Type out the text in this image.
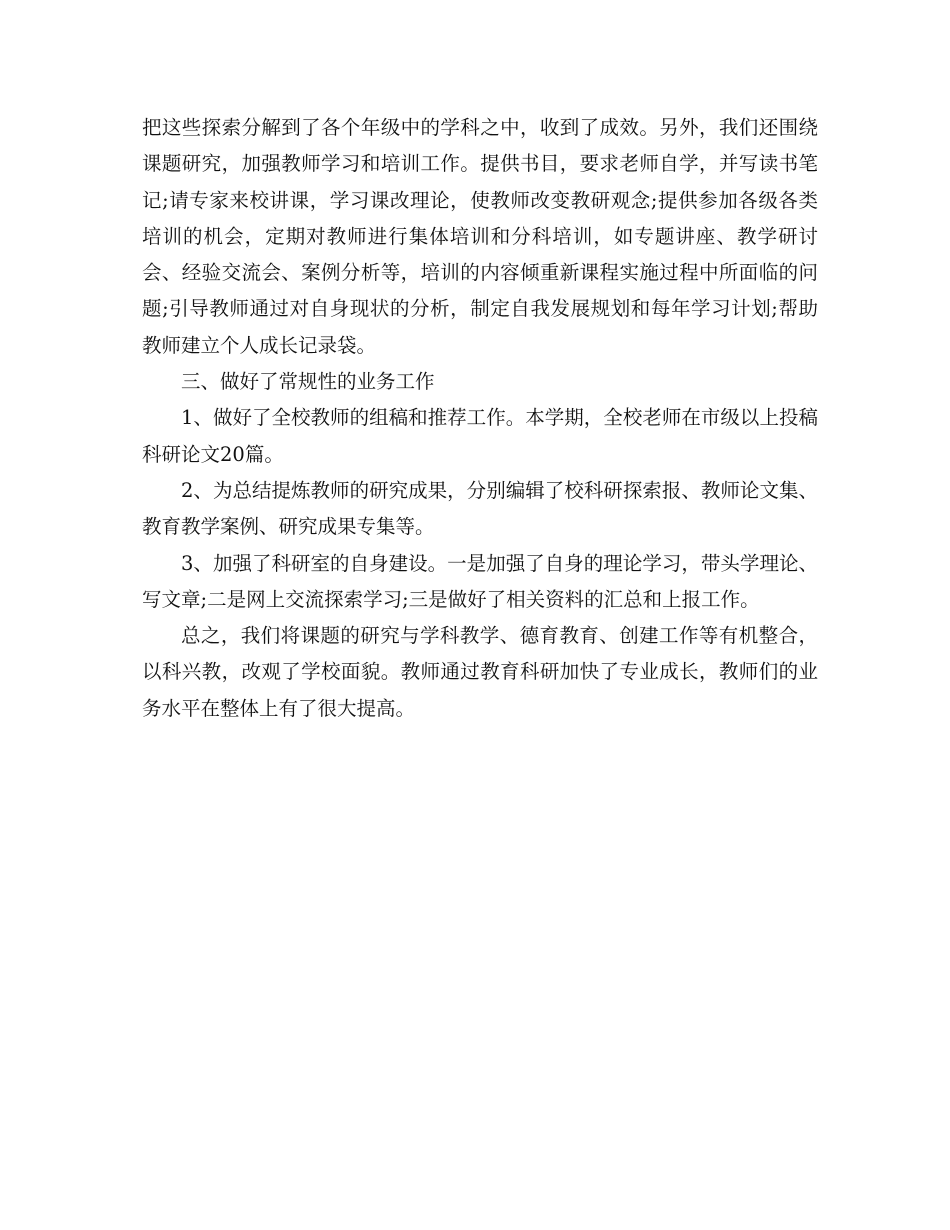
把这些探索分解到了各个年级中的学科之中，收到了成效。另外，我们还围绕课题研究，加强教师学习和培训工作。提供书目，要求老师自学，并写读书笔记;请专家来校讲课，学习课改理论，使教师改变教研观念;提供参加各级各类培训的机会，定期对教师进行集体培训和分科培训，如专题讲座、教学研讨会、经验交流会、案例分析等，培训的内容倾重新课程实施过程中所面临的问题;引导教师通过对自身现状的分析，制定自我发展规划和每年学习计划;帮助教师建立个人成长记录袋。

三、做好了常规性的业务工作

1、做好了全校教师的组稿和推荐工作。本学期，全校老师在市级以上投稿科研论文20篇。

2、为总结提炼教师的研究成果，分别编辑了校科研探索报、教师论文集、教育教学案例、研究成果专集等。

3、加强了科研室的自身建设。一是加强了自身的理论学习，带头学理论、写文章;二是网上交流探索学习;三是做好了相关资料的汇总和上报工作。

总之，我们将课题的研究与学科教学、德育教育、创建工作等有机整合，以科兴教，改观了学校面貌。教师通过教育科研加快了专业成长，教师们的业务水平在整体上有了很大提高。
